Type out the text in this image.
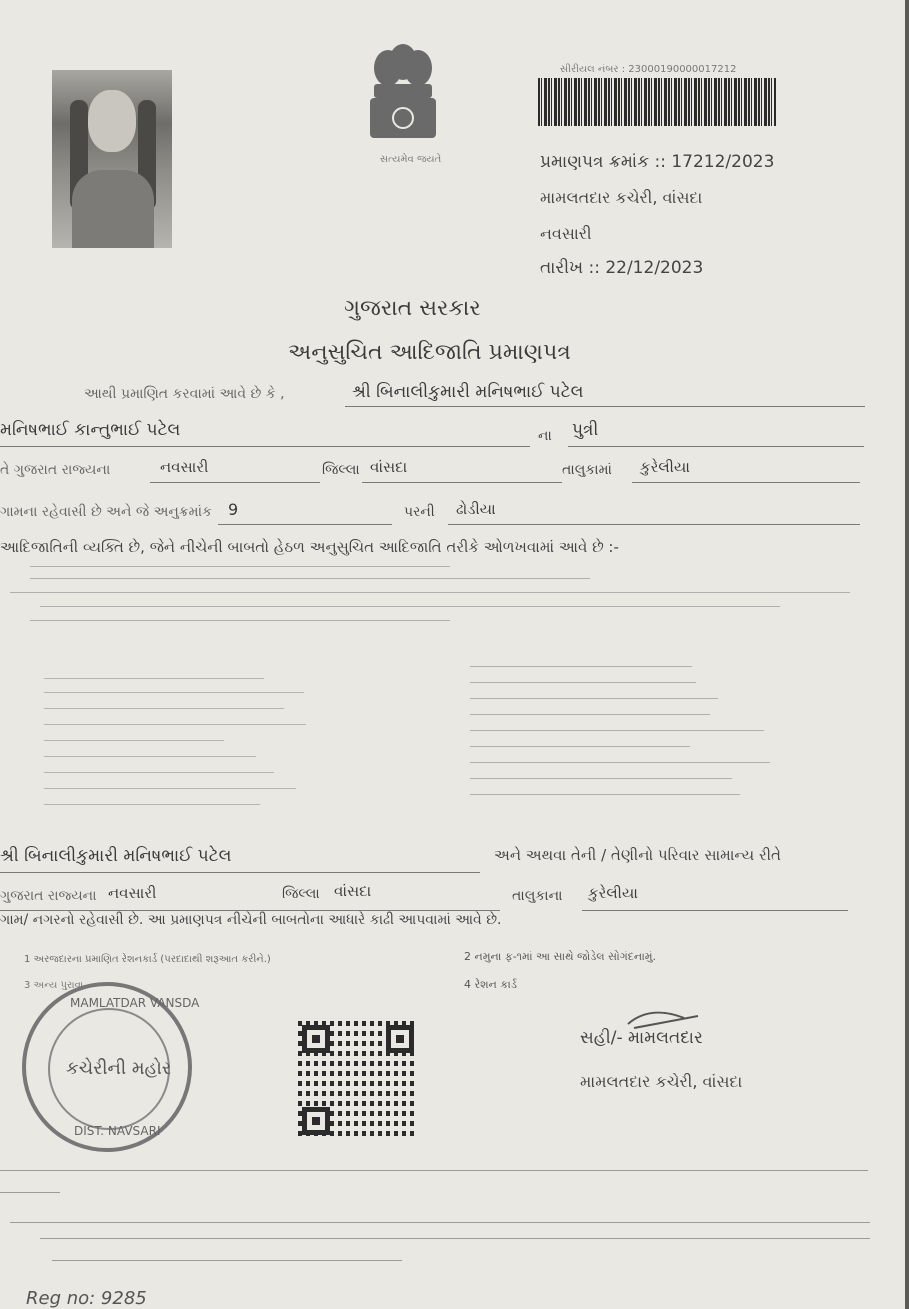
સત્યમેવ જયતે
સીરીયલ નંબર : 23000190000017212
પ્રમાણપત્ર ક્રમાંક :: 17212/2023
મામલતદાર કચેરી, વાંસદા
નવસારી
તારીખ :: 22/12/2023
ગુજરાત સરકાર
અનુસુચિત આદિજાતિ પ્રમાણપત્ર
આથી પ્રમાણિત કરવામાં આવે છે કે ,	શ્રી બિનાલીકુમારી મનિષભાઈ પટેલ
મનિષભાઈ કાન્તુભાઈ પટેલ	ના પુત્રી
તે ગુજરાત રાજ્યના	નવસારી	જિલ્લા વાંસદા	તાલુકામાં કુરેલીયા
ગામના રહેવાસી છે અને જે અનુક્રમાંક 9	પરની ઢોડીયા
આદિજાતિની વ્યક્તિ છે, જેને નીચેની બાબતો હેઠળ અનુસુચિત આદિજાતિ તરીકે ઓળખવામાં આવે છે :-
શ્રી બિનાલીકુમારી મનિષભાઈ પટેલ	અને અથવા તેની / તેણીનો પરિવાર સામાન્ય રીતે
ગુજરાત રાજ્યના નવસારી	જિલ્લા વાંસદા	તાલુકાના કુરેલીયા
ગામ/ નગરનો રહેવાસી છે. આ પ્રમાણપત્ર નીચેની બાબતોના આધારે કાઢી આપવામાં આવે છે.
1 અરજદારના પ્રમાણિત રેશનકાર્ડ (પરદાદાથી શરૂઆત કરીને.)	2 નમુના ફ-૧માં આ સાથે જોડેલ સોગંદનામું.
3 અન્ય પુરાવા	4 રેશન કાર્ડ
MAMLATDAR VANSDA
DIST. NAVSARI
કચેરીની મહોર
સહી/- મામલતદાર
મામલતદાર કચેરી, વાંસદા
Reg no: 9285
